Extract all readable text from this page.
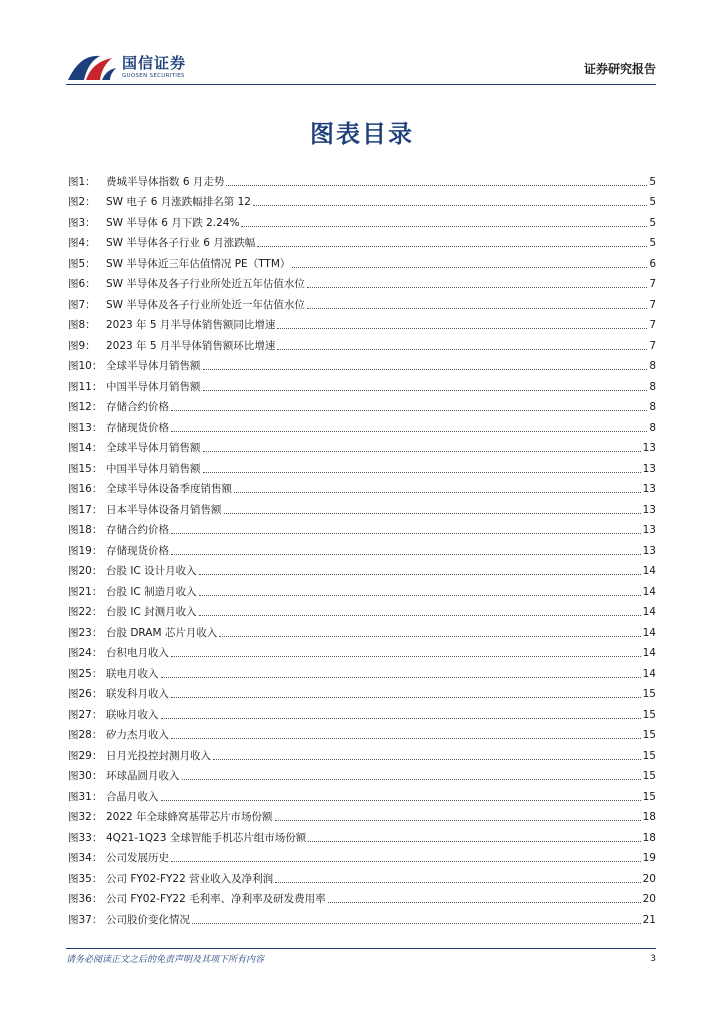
国信证券
GUOSEN SECURITIES	证券研究报告
图表目录
图1： 费城半导体指数 6 月走势	5
图2： SW 电子 6 月涨跌幅排名第 12	5
图3： SW 半导体 6 月下跌 2.24%	5
图4： SW 半导体各子行业 6 月涨跌幅	5
图5： SW 半导体近三年估值情况 PE（TTM）	6
图6： SW 半导体及各子行业所处近五年估值水位	7
图7： SW 半导体及各子行业所处近一年估值水位	7
图8： 2023 年 5 月半导体销售额同比增速	7
图9： 2023 年 5 月半导体销售额环比增速	7
图10： 全球半导体月销售额	8
图11： 中国半导体月销售额	8
图12： 存储合约价格	8
图13： 存储现货价格	8
图14： 全球半导体月销售额	13
图15： 中国半导体月销售额	13
图16： 全球半导体设备季度销售额	13
图17： 日本半导体设备月销售额	13
图18： 存储合约价格	13
图19： 存储现货价格	13
图20： 台股 IC 设计月收入	14
图21： 台股 IC 制造月收入	14
图22： 台股 IC 封测月收入	14
图23： 台股 DRAM 芯片月收入	14
图24： 台积电月收入	14
图25： 联电月收入	14
图26： 联发科月收入	15
图27： 联咏月收入	15
图28： 矽力杰月收入	15
图29： 日月光投控封测月收入	15
图30： 环球晶圆月收入	15
图31： 合晶月收入	15
图32： 2022 年全球蜂窝基带芯片市场份额	18
图33： 4Q21-1Q23 全球智能手机芯片组市场份额	18
图34： 公司发展历史	19
图35： 公司 FY02-FY22 营业收入及净利润	20
图36： 公司 FY02-FY22 毛利率、净利率及研发费用率	20
图37： 公司股价变化情况	21
请务必阅读正文之后的免责声明及其项下所有内容	3
